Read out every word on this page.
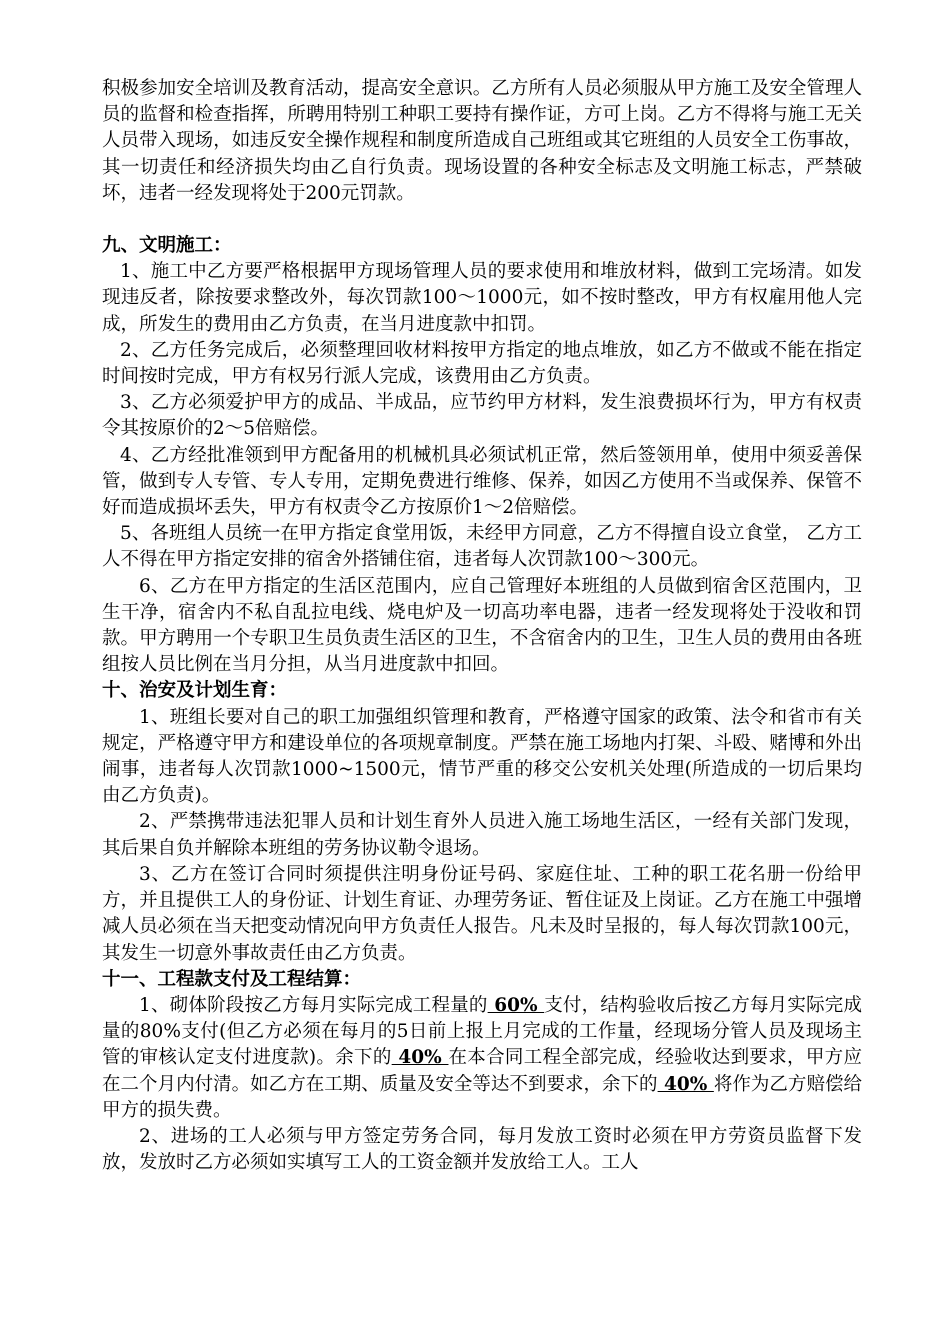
积极参加安全培训及教育活动，提高安全意识。乙方所有人员必须服从甲方施工及安全管理人员的监督和检查指挥，所聘用特别工种职工要持有操作证，方可上岗。乙方不得将与施工无关人员带入现场，如违反安全操作规程和制度所造成自己班组或其它班组的人员安全工伤事故，其一切责任和经济损失均由乙自行负责。现场设置的各种安全标志及文明施工标志，严禁破坏，违者一经发现将处于200元罚款。

九、文明施工：

1、施工中乙方要严格根据甲方现场管理人员的要求使用和堆放材料，做到工完场清。如发现违反者，除按要求整改外，每次罚款100～1000元，如不按时整改，甲方有权雇用他人完成，所发生的费用由乙方负责，在当月进度款中扣罚。

2、乙方任务完成后，必须整理回收材料按甲方指定的地点堆放，如乙方不做或不能在指定时间按时完成，甲方有权另行派人完成，该费用由乙方负责。

3、乙方必须爱护甲方的成品、半成品，应节约甲方材料，发生浪费损坏行为，甲方有权责令其按原价的2～5倍赔偿。

4、乙方经批准领到甲方配备用的机械机具必须试机正常，然后签领用单，使用中须妥善保管，做到专人专管、专人专用，定期免费进行维修、保养，如因乙方使用不当或保养、保管不好而造成损坏丢失，甲方有权责令乙方按原价1～2倍赔偿。

5、各班组人员统一在甲方指定食堂用饭，未经甲方同意，乙方不得擅自设立食堂， 乙方工人不得在甲方指定安排的宿舍外搭铺住宿，违者每人次罚款100～300元。

6、乙方在甲方指定的生活区范围内，应自己管理好本班组的人员做到宿舍区范围内，卫生干净，宿舍内不私自乱拉电线、烧电炉及一切高功率电器，违者一经发现将处于没收和罚款。甲方聘用一个专职卫生员负责生活区的卫生，不含宿舍内的卫生，卫生人员的费用由各班组按人员比例在当月分担，从当月进度款中扣回。

十、治安及计划生育：

1、班组长要对自己的职工加强组织管理和教育，严格遵守国家的政策、法令和省市有关规定，严格遵守甲方和建设单位的各项规章制度。严禁在施工场地内打架、斗殴、赌博和外出闹事，违者每人次罚款1000~1500元，情节严重的移交公安机关处理(所造成的一切后果均由乙方负责)。

2、严禁携带违法犯罪人员和计划生育外人员进入施工场地生活区，一经有关部门发现，其后果自负并解除本班组的劳务协议勒令退场。

3、乙方在签订合同时须提供注明身份证号码、家庭住址、工种的职工花名册一份给甲方，并且提供工人的身份证、计划生育证、办理劳务证、暂住证及上岗证。乙方在施工中强增减人员必须在当天把变动情况向甲方负责任人报告。凡未及时呈报的，每人每次罚款100元，其发生一切意外事故责任由乙方负责。

十一、工程款支付及工程结算：

1、砌体阶段按乙方每月实际完成工程量的 60% 支付，结构验收后按乙方每月实际完成量的80%支付(但乙方必须在每月的5日前上报上月完成的工作量，经现场分管人员及现场主管的审核认定支付进度款)。余下的 40% 在本合同工程全部完成，经验收达到要求，甲方应在二个月内付清。如乙方在工期、质量及安全等达不到要求，余下的 40% 将作为乙方赔偿给甲方的损失费。

2、进场的工人必须与甲方签定劳务合同，每月发放工资时必须在甲方劳资员监督下发放，发放时乙方必须如实填写工人的工资金额并发放给工人。工人
